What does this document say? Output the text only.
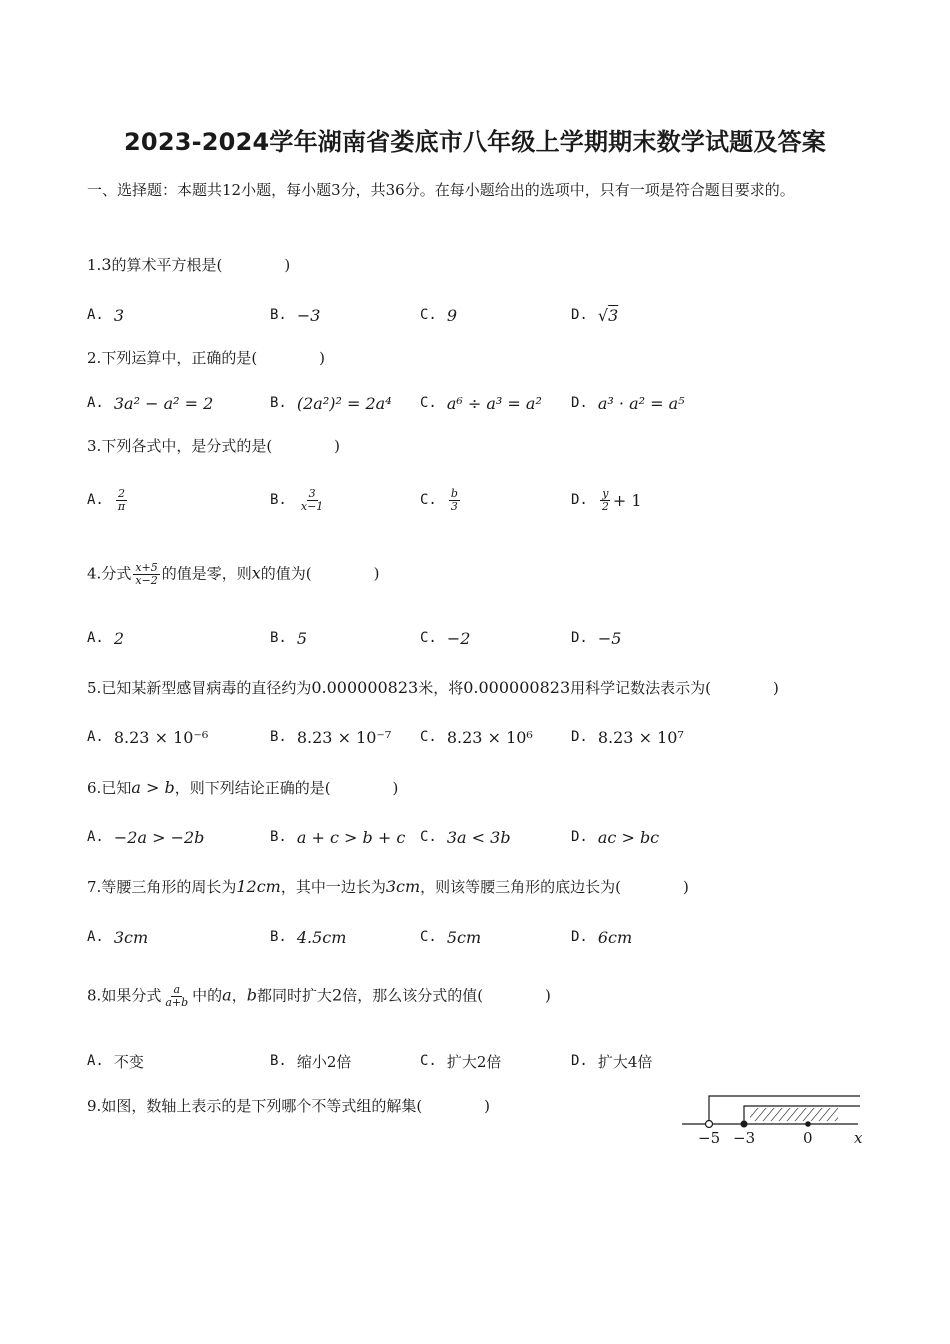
2023-2024学年湖南省娄底市八年级上学期期末数学试题及答案
一、选择题：本题共12小题，每小题3分，共36分。在每小题给出的选项中，只有一项是符合题目要求的。
1.3的算术平方根是(	)
A. 3	B. −3	C. 9	D. √ 3
2.下列运算中，正确的是(	)
A. 3a² − a² = 2	B. (2a²)² = 2a⁴ C. a⁶ ÷ a³ = a² D. a³ · a² = a⁵
3.下列各式中，是分式的是(	)
A. $\frac{2}{\pi}$	B. $\frac{3}{x-1}$	C. $\frac{b}{3}$	D. $\frac{y}{2} + 1$
4.分式 $\frac{x+5}{x-2}$ 的值是零，则x的值为(	)
A. 2	B. 5	C. −2	D. −5
5.已知某新型感冒病毒的直径约为0.000000823米，将0.000000823用科学记数法表示为(	)
A. 8.23 × 10⁻⁶	B. 8.23 × 10⁻⁷ C. 8.23 × 10⁶	D. 8.23 × 10⁷
6.已知a > b，则下列结论正确的是(	)
A. −2a > −2b	B. a + c > b + c C. 3a < 3b	D. ac > bc
7.等腰三角形的周长为12cm，其中一边长为3cm，则该等腰三角形的底边长为(	)
A. 3cm	B. 4.5cm	C. 5cm	D. 6cm
8.如果分式 $\frac{a}{a+b}$ 中的a，b都同时扩大2倍，那么该分式的值(	)
A. 不变	B. 缩小2倍	C. 扩大2倍	D. 扩大4倍
9.如图，数轴上表示的是下列哪个不等式组的解集(	)
−5 −3	0	x
